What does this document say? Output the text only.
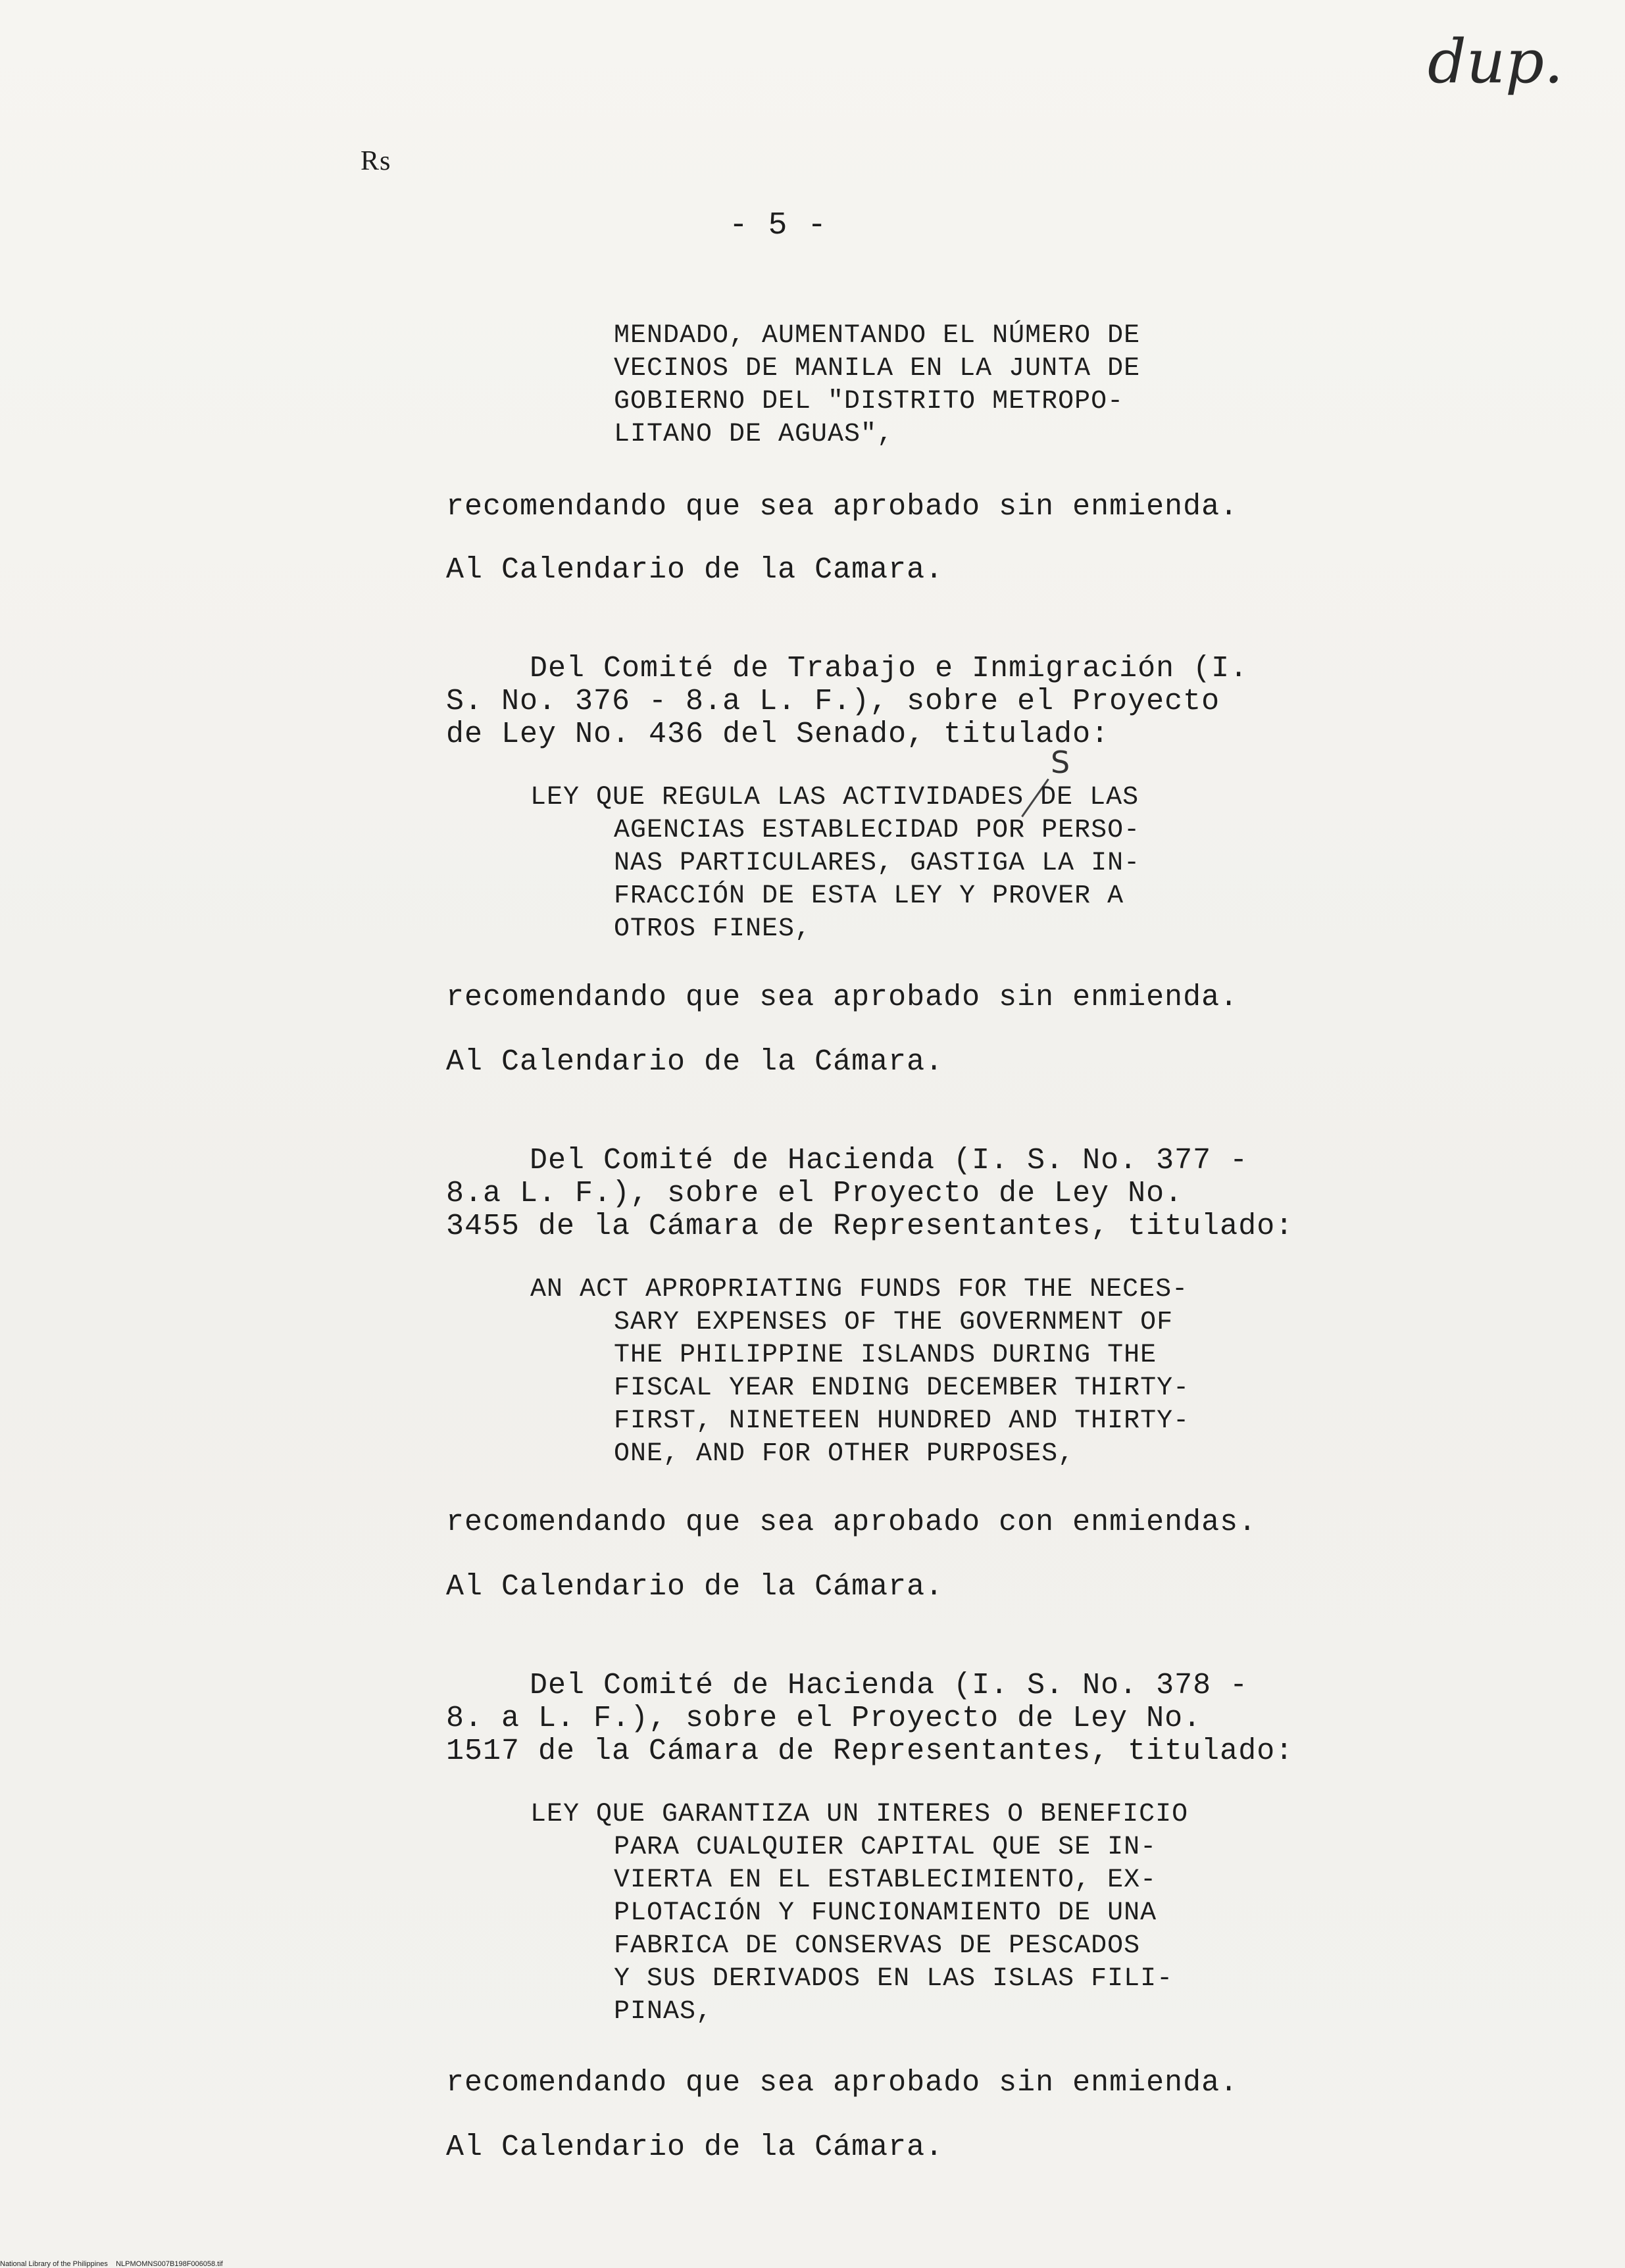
Rs
dup.
- 5 -
MENDADO, AUMENTANDO EL NÚMERO DE
VECINOS DE MANILA EN LA JUNTA DE
GOBIERNO DEL "DISTRITO METROPO-
LITANO DE AGUAS",
recomendando que sea aprobado sin enmienda.
Al Calendario de la Camara.
Del Comité de Trabajo e Inmigración (I.
S. No. 376 - 8.a L. F.), sobre el Proyecto
de Ley No. 436 del Senado, titulado:
S
LEY QUE REGULA LAS ACTIVIDADES DE LAS
AGENCIAS ESTABLECIDAD POR PERSO-
NAS PARTICULARES, GASTIGA LA IN-
FRACCIÓN DE ESTA LEY Y PROVER A
OTROS FINES,
recomendando que sea aprobado sin enmienda.
Al Calendario de la Cámara.
Del Comité de Hacienda (I. S. No. 377 -
8.a L. F.), sobre el Proyecto de Ley No.
3455 de la Cámara de Representantes, titulado:
AN ACT APROPRIATING FUNDS FOR THE NECES-
SARY EXPENSES OF THE GOVERNMENT OF
THE PHILIPPINE ISLANDS DURING THE
FISCAL YEAR ENDING DECEMBER THIRTY-
FIRST, NINETEEN HUNDRED AND THIRTY-
ONE, AND FOR OTHER PURPOSES,
recomendando que sea aprobado con enmiendas.
Al Calendario de la Cámara.
Del Comité de Hacienda (I. S. No. 378 -
8. a L. F.), sobre el Proyecto de Ley No.
1517 de la Cámara de Representantes, titulado:
LEY QUE GARANTIZA UN INTERES O BENEFICIO
PARA CUALQUIER CAPITAL QUE SE IN-
VIERTA EN EL ESTABLECIMIENTO, EX-
PLOTACIÓN Y FUNCIONAMIENTO DE UNA
FABRICA DE CONSERVAS DE PESCADOS
Y SUS DERIVADOS EN LAS ISLAS FILI-
PINAS,
recomendando que sea aprobado sin enmienda.
Al Calendario de la Cámara.
National Library of the Philippines    NLPMOMNS007B198F006058.tif
